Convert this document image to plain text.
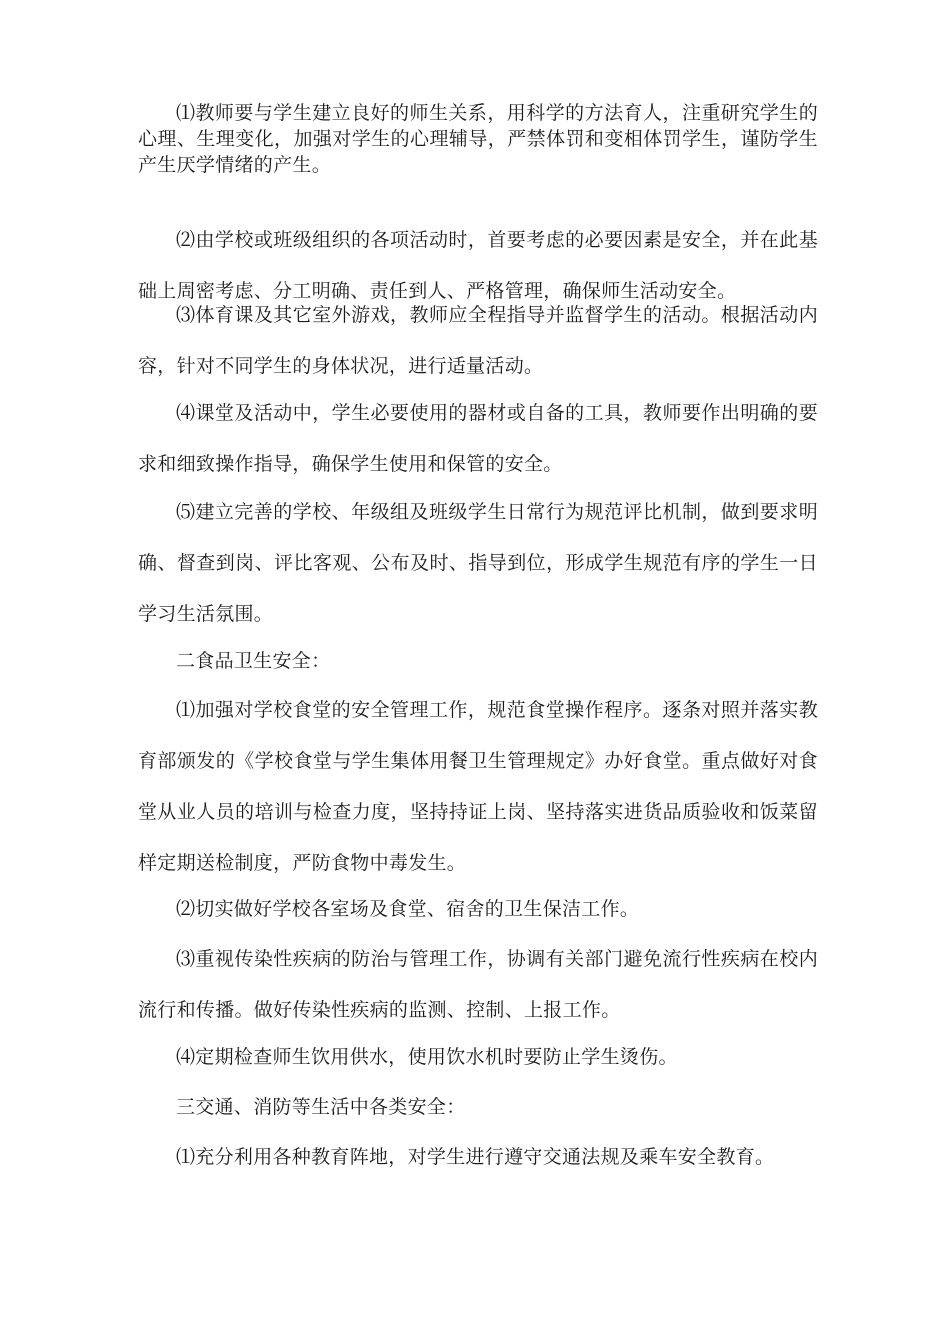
⑴教师要与学生建立良好的师生关系，用科学的方法育人，注重研究学生的心理、生理变化，加强对学生的心理辅导，严禁体罚和变相体罚学生，谨防学生产生厌学情绪的产生。

⑵由学校或班级组织的各项活动时，首要考虑的必要因素是安全，并在此基础上周密考虑、分工明确、责任到人、严格管理，确保师生活动安全。

⑶体育课及其它室外游戏，教师应全程指导并监督学生的活动。根据活动内容，针对不同学生的身体状况，进行适量活动。

⑷课堂及活动中，学生必要使用的器材或自备的工具，教师要作出明确的要求和细致操作指导，确保学生使用和保管的安全。

⑸建立完善的学校、年级组及班级学生日常行为规范评比机制，做到要求明确、督查到岗、评比客观、公布及时、指导到位，形成学生规范有序的学生一日学习生活氛围。

二食品卫生安全：

⑴加强对学校食堂的安全管理工作，规范食堂操作程序。逐条对照并落实教育部颁发的《学校食堂与学生集体用餐卫生管理规定》办好食堂。重点做好对食堂从业人员的培训与检查力度，坚持持证上岗、坚持落实进货品质验收和饭菜留样定期送检制度，严防食物中毒发生。

⑵切实做好学校各室场及食堂、宿舍的卫生保洁工作。

⑶重视传染性疾病的防治与管理工作，协调有关部门避免流行性疾病在校内流行和传播。做好传染性疾病的监测、控制、上报工作。

⑷定期检查师生饮用供水，使用饮水机时要防止学生烫伤。

三交通、消防等生活中各类安全：

⑴充分利用各种教育阵地，对学生进行遵守交通法规及乘车安全教育。
